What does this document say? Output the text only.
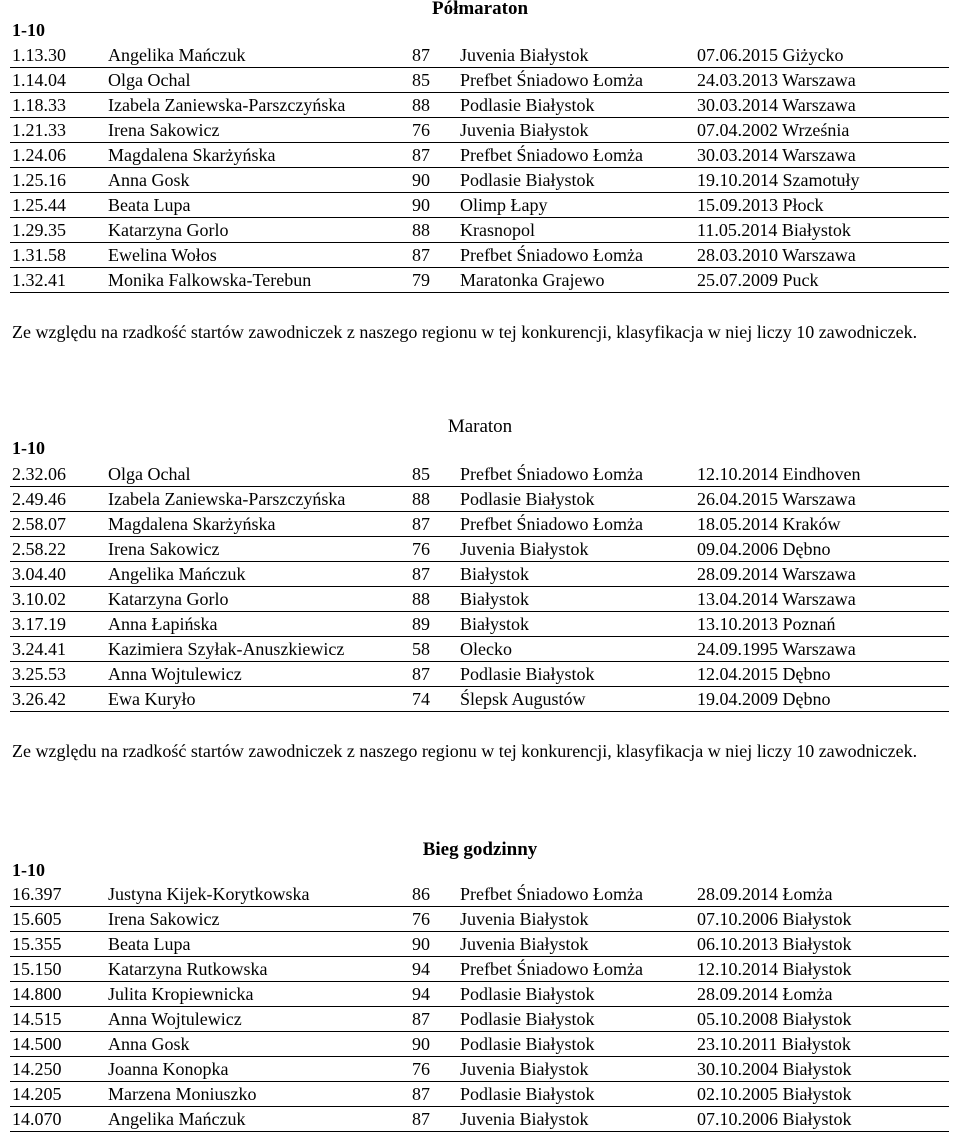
Półmaraton
1-10
1.13.30	Angelika Mańczuk	87	Juvenia Białystok	07.06.2015 Giżycko
1.14.04	Olga Ochal	85	Prefbet Śniadowo Łomża	24.03.2013 Warszawa
1.18.33	Izabela Zaniewska-Parszczyńska	88	Podlasie Białystok	30.03.2014 Warszawa
1.21.33	Irena Sakowicz	76	Juvenia Białystok	07.04.2002 Września
1.24.06	Magdalena Skarżyńska	87	Prefbet Śniadowo Łomża	30.03.2014 Warszawa
1.25.16	Anna Gosk	90	Podlasie Białystok	19.10.2014 Szamotuły
1.25.44	Beata Lupa	90	Olimp Łapy	15.09.2013 Płock
1.29.35	Katarzyna Gorlo	88	Krasnopol	11.05.2014 Białystok
1.31.58	Ewelina Wołos	87	Prefbet Śniadowo Łomża	28.03.2010 Warszawa
1.32.41	Monika Falkowska-Terebun	79	Maratonka Grajewo	25.07.2009 Puck
Ze względu na rzadkość startów zawodniczek z naszego regionu w tej konkurencji, klasyfikacja w niej liczy 10 zawodniczek.
Maraton
1-10
2.32.06	Olga Ochal	85	Prefbet Śniadowo Łomża	12.10.2014 Eindhoven
2.49.46	Izabela Zaniewska-Parszczyńska	88	Podlasie Białystok	26.04.2015 Warszawa
2.58.07	Magdalena Skarżyńska	87	Prefbet Śniadowo Łomża	18.05.2014 Kraków
2.58.22	Irena Sakowicz	76	Juvenia Białystok	09.04.2006 Dębno
3.04.40	Angelika Mańczuk	87	Białystok	28.09.2014 Warszawa
3.10.02	Katarzyna Gorlo	88	Białystok	13.04.2014 Warszawa
3.17.19	Anna Łapińska	89	Białystok	13.10.2013 Poznań
3.24.41	Kazimiera Szyłak-Anuszkiewicz	58	Olecko	24.09.1995 Warszawa
3.25.53	Anna Wojtulewicz	87	Podlasie Białystok	12.04.2015 Dębno
3.26.42	Ewa Kuryło	74	Ślepsk Augustów	19.04.2009 Dębno
Ze względu na rzadkość startów zawodniczek z naszego regionu w tej konkurencji, klasyfikacja w niej liczy 10 zawodniczek.
Bieg godzinny
1-10
16.397	Justyna Kijek-Korytkowska	86	Prefbet Śniadowo Łomża	28.09.2014 Łomża
15.605	Irena Sakowicz	76	Juvenia Białystok	07.10.2006 Białystok
15.355	Beata Lupa	90	Juvenia Białystok	06.10.2013 Białystok
15.150	Katarzyna Rutkowska	94	Prefbet Śniadowo Łomża	12.10.2014 Białystok
14.800	Julita Kropiewnicka	94	Podlasie Białystok	28.09.2014 Łomża
14.515	Anna Wojtulewicz	87	Podlasie Białystok	05.10.2008 Białystok
14.500	Anna Gosk	90	Podlasie Białystok	23.10.2011 Białystok
14.250	Joanna Konopka	76	Juvenia Białystok	30.10.2004 Białystok
14.205	Marzena Moniuszko	87	Podlasie Białystok	02.10.2005 Białystok
14.070	Angelika Mańczuk	87	Juvenia Białystok	07.10.2006 Białystok
